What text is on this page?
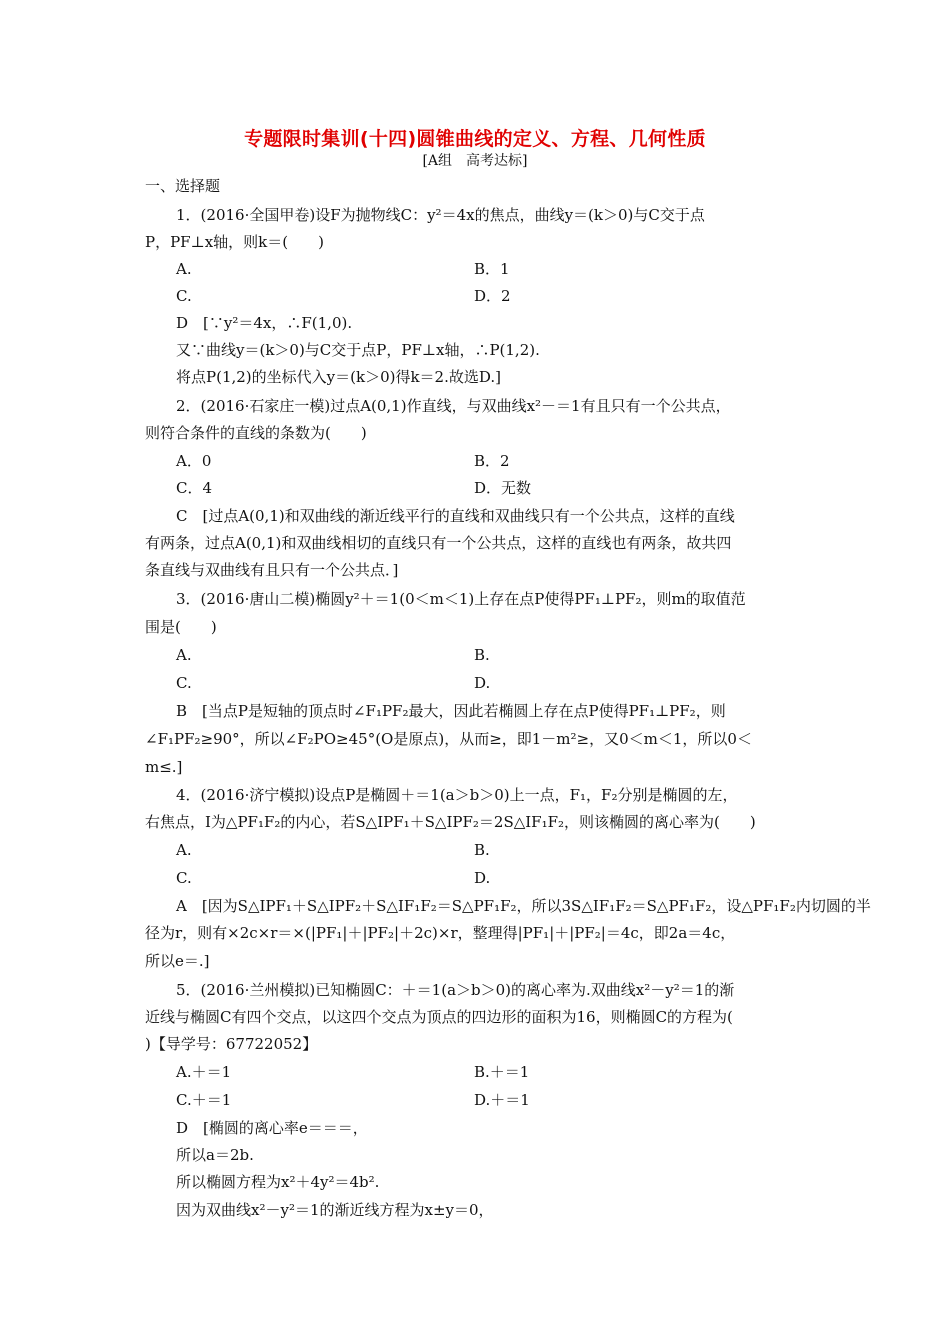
专题限时集训(十四)圆锥曲线的定义、方程、几何性质
[A组　高考达标]
一、选择题
1．(2016·全国甲卷)设F为抛物线C：y²＝4x的焦点，曲线y＝(k＞0)与C交于点
P，PF⊥x轴，则k＝(　　)
A.	B．1
C.	D．2
D　[∵y²＝4x，∴F(1,0).
又∵曲线y＝(k＞0)与C交于点P，PF⊥x轴，∴P(1,2).
将点P(1,2)的坐标代入y＝(k＞0)得k＝2.故选D.]
2．(2016·石家庄一模)过点A(0,1)作直线，与双曲线x²－＝1有且只有一个公共点，
则符合条件的直线的条数为(　　)
A．0	B．2
C．4	D．无数
C　[过点A(0,1)和双曲线的渐近线平行的直线和双曲线只有一个公共点，这样的直线
有两条，过点A(0,1)和双曲线相切的直线只有一个公共点，这样的直线也有两条，故共四
条直线与双曲线有且只有一个公共点．]
3．(2016·唐山二模)椭圆y²＋＝1(0＜m＜1)上存在点P使得PF₁⊥PF₂，则m的取值范
围是(　　)
A.	B.
C.	D.
B　[当点P是短轴的顶点时∠F₁PF₂最大，因此若椭圆上存在点P使得PF₁⊥PF₂，则
∠F₁PF₂≥90°，所以∠F₂PO≥45°(O是原点)，从而≥，即1－m²≥，又0＜m＜1，所以0＜
m≤.]
4．(2016·济宁模拟)设点P是椭圆＋＝1(a＞b＞0)上一点，F₁，F₂分别是椭圆的左，
右焦点，I为△PF₁F₂的内心，若S△IPF₁＋S△IPF₂＝2S△IF₁F₂，则该椭圆的离心率为(　　)
A.	B.
C.	D.
A　[因为S△IPF₁＋S△IPF₂＋S△IF₁F₂＝S△PF₁F₂，所以3S△IF₁F₂＝S△PF₁F₂，设△PF₁F₂内切圆的半
径为r，则有×2c×r＝×(|PF₁|＋|PF₂|＋2c)×r，整理得|PF₁|＋|PF₂|＝4c，即2a＝4c，
所以e＝.]
5．(2016·兰州模拟)已知椭圆C：＋＝1(a＞b＞0)的离心率为.双曲线x²－y²＝1的渐
近线与椭圆C有四个交点，以这四个交点为顶点的四边形的面积为16，则椭圆C的方程为(
)【导学号：67722052】
A.＋＝1	B.＋＝1
C.＋＝1	D.＋＝1
D　[椭圆的离心率e＝＝＝，
所以a＝2b.
所以椭圆方程为x²＋4y²＝4b².
因为双曲线x²－y²＝1的渐近线方程为x±y＝0，
